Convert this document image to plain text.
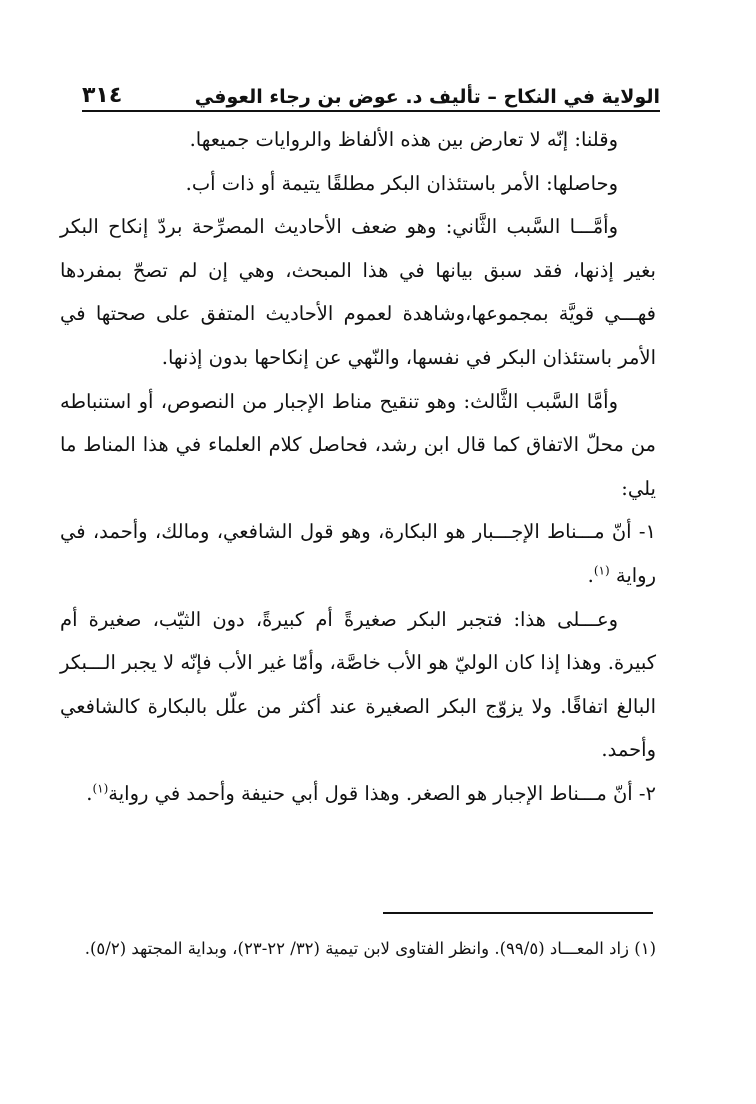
الولاية في النكاح – تأليف د. عوض بن رجاء العوفي
٣١٤

وقلنا: إنّه لا تعارض بين هذه الألفاظ والروايات جميعها.

وحاصلها: الأمر باستئذان البكر مطلقًا يتيمة أو ذات أب.

وأمَّـــا السَّبب الثَّاني: وهو ضعف الأحاديث المصرِّحة بردّ إنكاح البكر بغير إذنها، فقد سبق بيانها في هذا المبحث، وهي إن لم تصحّ بمفردها فهـــي قويَّة بمجموعها،وشاهدة لعموم الأحاديث المتفق على صحتها في الأمر باستئذان البكر في نفسها، والنّهي عن إنكاحها بدون إذنها.

وأمَّا السَّبب الثَّالث: وهو تنقيح مناط الإجبار من النصوص، أو استنباطه من محلّ الاتفاق كما قال ابن رشد، فحاصل كلام العلماء في هذا المناط ما يلي:

١- أنّ مـــناط الإجـــبار هو البكارة، وهو قول الشافعي، ومالك، وأحمد، في رواية $^{(١)}$.

وعـــلى هذا: فتجبر البكر صغيرةً أم كبيرةً، دون الثيّب، صغيرة أم كبيرة. وهذا إذا كان الوليّ هو الأب خاصَّة، وأمّا غير الأب فإنّه لا يجبر الـــبكر البالغ اتفاقًا. ولا يزوّج البكر الصغيرة عند أكثر من علّل بالبكارة كالشافعي وأحمد.

٢- أنّ مـــناط الإجبار هو الصغر. وهذا قول أبي حنيفة وأحمد في رواية$^{(١)}$.

(١) زاد المعـــاد (٩٩/٥). وانظر الفتاوى لابن تيمية (٣٢/ ٢٢-٢٣)، وبداية المجتهد (٥/٢).
